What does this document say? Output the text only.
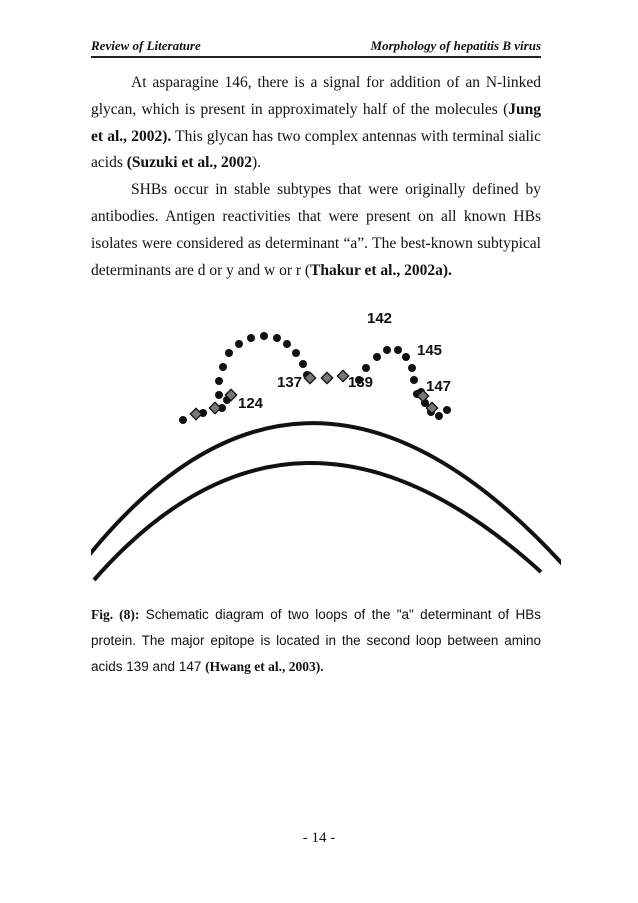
Review of Literature	Morphology of hepatitis B virus

At asparagine 146, there is a signal for addition of an N-linked glycan, which is present in approximately half of the molecules (Jung et al., 2002). This glycan has two complex antennas with terminal sialic acids (Suzuki et al., 2002).

SHBs occur in stable subtypes that were originally defined by antibodies. Antigen reactivities that were present on all known HBs isolates were considered as determinant “a”. The best-known subtypical determinants are d or y and w or r (Thakur et al., 2002a).

142
145
137	139	147
124
Fig. (8): Schematic diagram of two loops of the "a" determinant of HBs protein. The major epitope is located in the second loop between amino acids 139 and 147 (Hwang et al., 2003).
- 14 -
